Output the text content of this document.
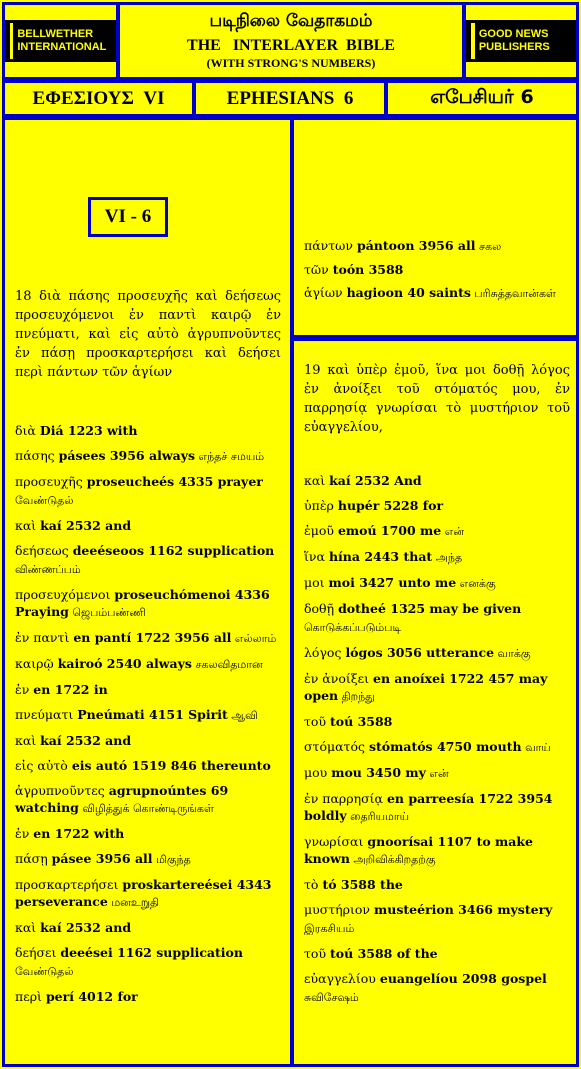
BELLWETHER INTERNATIONAL
படிநிலை வேதாகமம்
THE   INTERLAYER  BIBLE
(WITH STRONG'S NUMBERS)
GOOD NEWS PUBLISHERS
ΕΦΕΣΙΟΥΣ  VI	EPHESIANS  6	எபேசியர் 6
VI - 6
18 διὰ πάσης προσευχῆς καὶ δεήσεως προσευχόμενοι ἐν παντὶ καιρῷ ἐν πνεύματι, καὶ εἰς αὐτὸ ἀγρυπνοῦντες ἐν πάσῃ προσκαρτερήσει καὶ δεήσει περὶ πάντων τῶν ἁγίων
διὰ Diá 1223 with
πάσης pásees 3956 always எந்தச் சமயம்
προσευχῆς proseucheés 4335 prayer வேண்டுதல்
καὶ kaí 2532 and
δεήσεως deeéseoos 1162 supplication விண்ணப்பம்
προσευχόμενοι proseuchómenoi 4336 Praying ஜெபம்பண்ணி
ἐν παντὶ en pantí 1722 3956 all எல்லாம்
καιρῷ kairoó 2540 always சகலவிதமான
ἐν en 1722 in
πνεύματι Pneúmati 4151 Spirit ஆவி
καὶ kaí 2532 and
εἰς αὐτὸ eis autó 1519 846 thereunto
ἀγρυπνοῦντες agrupnoúntes 69 watching விழித்துக் கொண்டிருங்கள்
ἐν en 1722 with
πάσῃ pásee 3956 all மிகுந்த
προσκαρτερήσει proskartereései 4343 perseverance மனஉறுதி
καὶ kaí 2532 and
δεήσει deeései 1162 supplication வேண்டுதல்
περὶ perí 4012 for
πάντων pántoon 3956 all சகல
τῶν toón 3588
ἁγίων hagioon 40 saints பரிசுத்தவான்கள்
19 καὶ ὑπὲρ ἐμοῦ, ἵνα μοι δοθῇ λόγος ἐν ἀνοίξει τοῦ στόματός μου, ἐν παρρησίᾳ γνωρίσαι τὸ μυστήριον τοῦ εὐαγγελίου,
καὶ kaí 2532 And
ὑπὲρ hupér 5228 for
ἐμοῦ emoú 1700 me என்
ἵνα hína 2443 that அந்த
μοι moi 3427 unto me எனக்கு
δοθῇ dotheé 1325 may be given கொடுக்கப்படும்படி
λόγος lógos 3056 utterance வாக்கு
ἐν ἀνοίξει en anoíxei 1722 457 may open திறந்து
τοῦ toú 3588
στόματός stómatós 4750 mouth வாய்
μου mou 3450 my என்
ἐν παρρησίᾳ en parreesía 1722 3954 boldly தைரியமாய்
γνωρίσαι gnoorísai 1107 to make known அறிவிக்கிறதற்கு
τὸ tó 3588 the
μυστήριον musteérion 3466 mystery இரகசியம்
τοῦ toú 3588 of the
εὐαγγελίου euangelíou 2098 gospel சுவிசேஷம்
